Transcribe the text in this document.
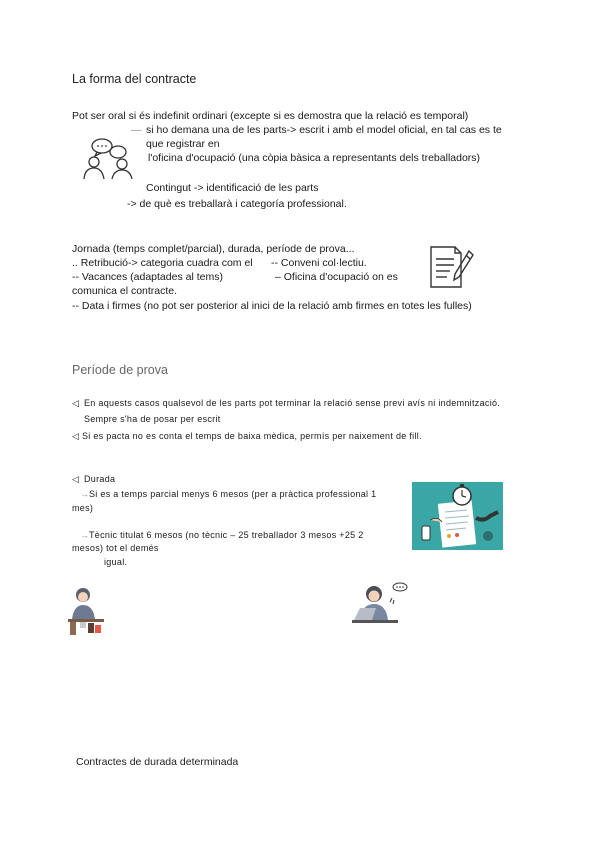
La forma del contracte
Pot ser oral si és indefinit ordinari (excepte si es demostra que la relació es temporal)
— si ho demana una de les parts-> escrit i amb el model oficial, en tal cas es te
que registrar en
l'oficina d'ocupació (una còpia bàsica a representants dels treballadors)
Contingut -> identificació de les parts
-> de què es treballarà i categoría professional.
Jornada (temps complet/parcial), durada, període de prova...
.. Retribució-> categoria cuadra com el -- Conveni col·lectiu.
-- Vacances (adaptades al tems)	– Oficina d'ocupació on es
comunica el contracte.
-- Data i firmes (no pot ser posterior al inici de la relació amb firmes en totes les fulles)
Període de prova
◁ En aquests casos qualsevol de les parts pot terminar la relació sense previ avís ni indemnització.
Sempre s'ha de posar per escrit
◁ Si es pacta no es conta el temps de baixa mèdica, permís per naixement de fill.
◁ Durada
→ Si es a temps parcial menys 6 mesos (per a pràctica professional 1
mes)
→ Tècnic titulat 6 mesos (no tècnic – 25 treballador 3 mesos +25 2
mesos) tot el demés
igual.
Contractes de durada determinada
